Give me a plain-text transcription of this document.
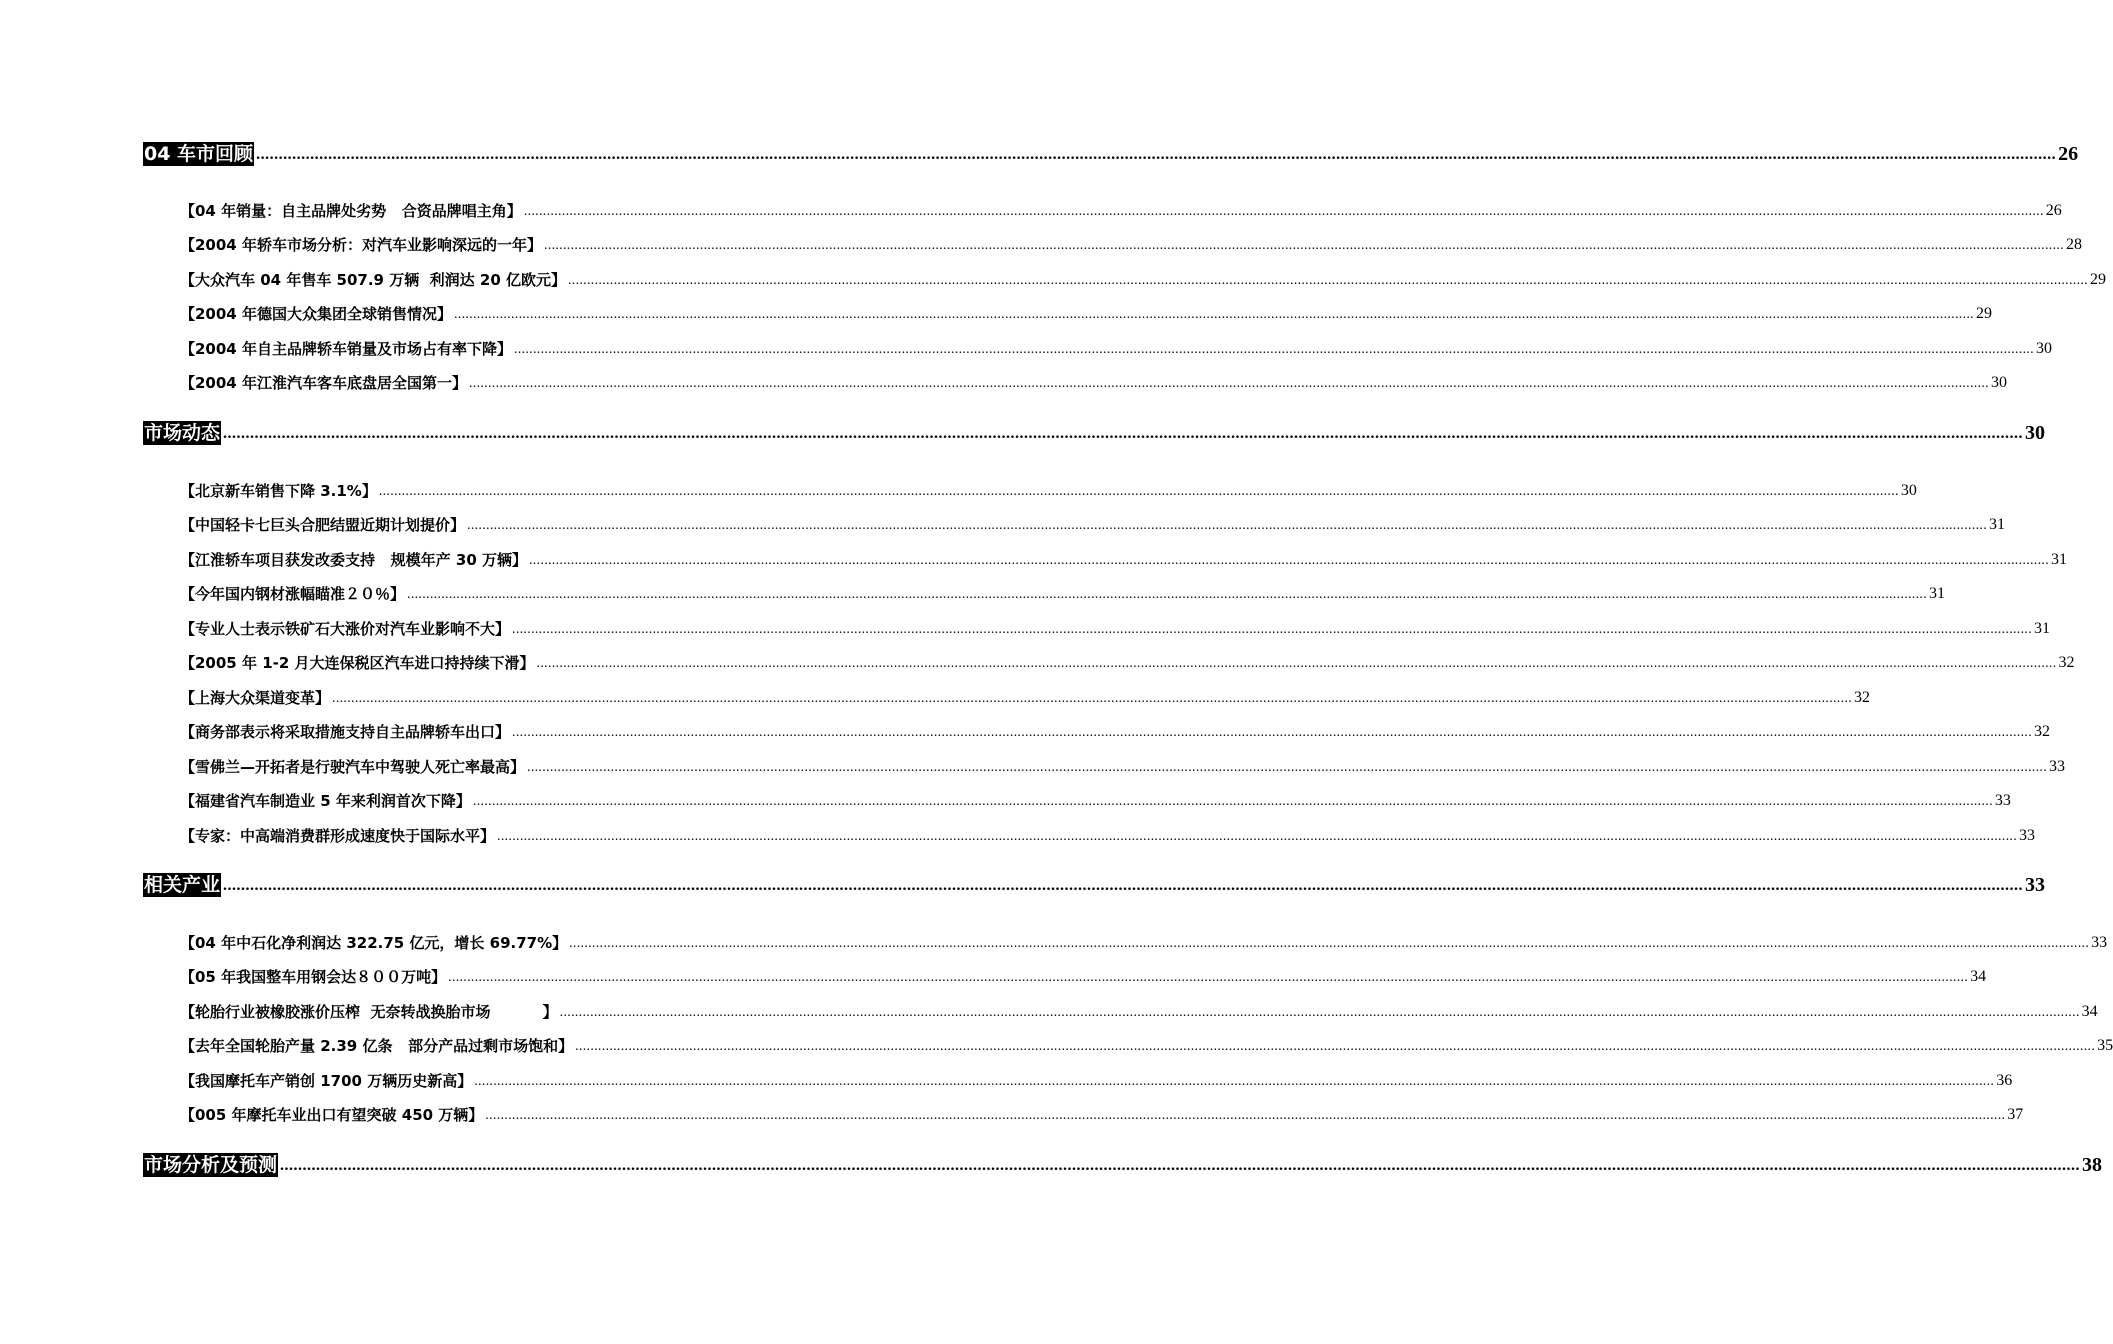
04 车市回顾 ................................................................................................................................................................................................................................................................................................................................................................................................................ 26
【04 年销量：自主品牌处劣势   合资品牌唱主角】 ................................................................................................................................................................................................................................................................................................................................................................................................................ 26
【2004 年轿车市场分析：对汽车业影响深远的一年】 ................................................................................................................................................................................................................................................................................................................................................................................................................ 28
【大众汽车 04 年售车 507.9 万辆  利润达 20 亿欧元】 ................................................................................................................................................................................................................................................................................................................................................................................................................ 29
【2004 年德国大众集团全球销售情况】 ................................................................................................................................................................................................................................................................................................................................................................................................................ 29
【2004 年自主品牌轿车销量及市场占有率下降】 ................................................................................................................................................................................................................................................................................................................................................................................................................ 30
【2004 年江淮汽车客车底盘居全国第一】 ................................................................................................................................................................................................................................................................................................................................................................................................................ 30
市场动态 ................................................................................................................................................................................................................................................................................................................................................................................................................ 30
【北京新车销售下降 3.1%】 ................................................................................................................................................................................................................................................................................................................................................................................................................ 30
【中国轻卡七巨头合肥结盟近期计划提价】 ................................................................................................................................................................................................................................................................................................................................................................................................................ 31
【江淮轿车项目获发改委支持   规模年产 30 万辆】 ................................................................................................................................................................................................................................................................................................................................................................................................................ 31
【今年国内钢材涨幅瞄准２０％】 ................................................................................................................................................................................................................................................................................................................................................................................................................ 31
【专业人士表示铁矿石大涨价对汽车业影响不大】 ................................................................................................................................................................................................................................................................................................................................................................................................................ 31
【2005 年 1-2 月大连保税区汽车进口持持续下滑】 ................................................................................................................................................................................................................................................................................................................................................................................................................ 32
【上海大众渠道变革】 ................................................................................................................................................................................................................................................................................................................................................................................................................ 32
【商务部表示将采取措施支持自主品牌轿车出口】 ................................................................................................................................................................................................................................................................................................................................................................................................................ 32
【雪佛兰—开拓者是行驶汽车中驾驶人死亡率最高】 ................................................................................................................................................................................................................................................................................................................................................................................................................ 33
【福建省汽车制造业 5 年来利润首次下降】 ................................................................................................................................................................................................................................................................................................................................................................................................................ 33
【专家：中高端消费群形成速度快于国际水平】 ................................................................................................................................................................................................................................................................................................................................................................................................................ 33
相关产业 ................................................................................................................................................................................................................................................................................................................................................................................................................ 33
【04 年中石化净利润达 322.75 亿元，增长 69.77%】 ................................................................................................................................................................................................................................................................................................................................................................................................................ 33
【05 年我国整车用钢会达８００万吨】 ................................................................................................................................................................................................................................................................................................................................................................................................................ 34
【轮胎行业被橡胶涨价压榨  无奈转战换胎市场          】 ................................................................................................................................................................................................................................................................................................................................................................................................................ 34
【去年全国轮胎产量 2.39 亿条   部分产品过剩市场饱和】 ................................................................................................................................................................................................................................................................................................................................................................................................................ 35
【我国摩托车产销创 1700 万辆历史新高】 ................................................................................................................................................................................................................................................................................................................................................................................................................ 36
【005 年摩托车业出口有望突破 450 万辆】 ................................................................................................................................................................................................................................................................................................................................................................................................................ 37
市场分析及预测 ................................................................................................................................................................................................................................................................................................................................................................................................................ 38
